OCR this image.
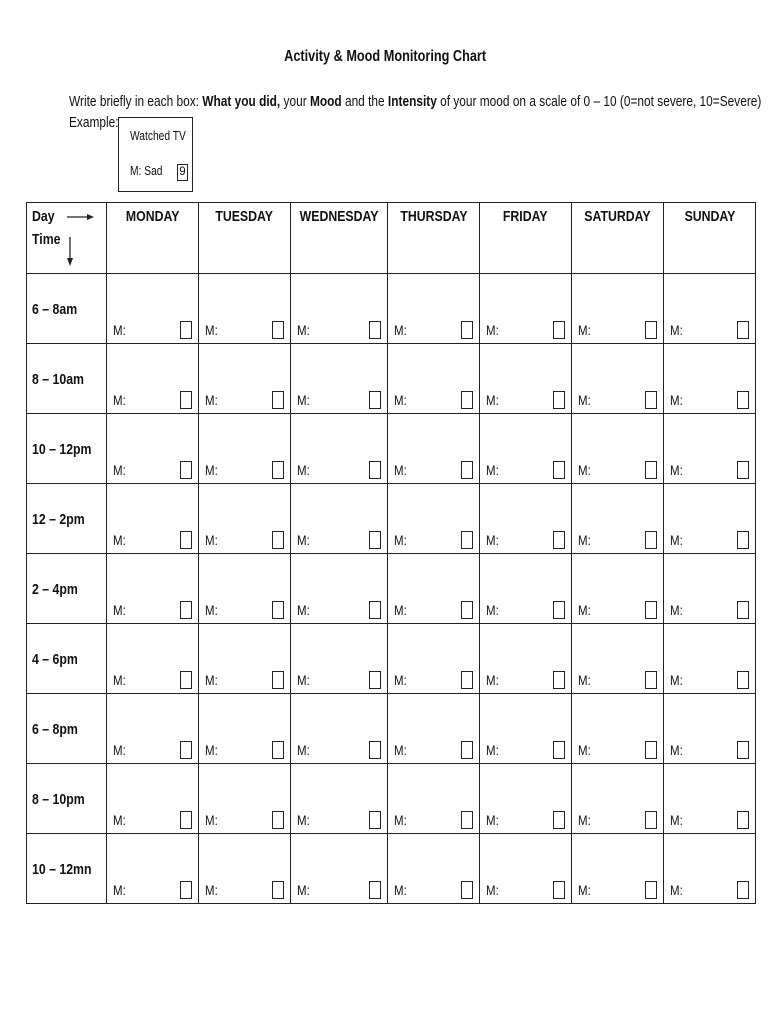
Activity & Mood Monitoring Chart
Write briefly in each box: What you did, your Mood and the Intensity of your mood on a scale of 0 – 10 (0=not severe, 10=Severe)
Example:
Watched TV
M: Sad	9
Day
Time	MONDAY	TUESDAY	WEDNESDAY	THURSDAY	FRIDAY	SATURDAY	SUNDAY

6 – 8am	M:	M:	M:	M:	M:	M:	M:

8 – 10am	M:	M:	M:	M:	M:	M:	M:

10 – 12pm	M:	M:	M:	M:	M:	M:	M:

12 – 2pm	M:	M:	M:	M:	M:	M:	M:

2 – 4pm	M:	M:	M:	M:	M:	M:	M:

4 – 6pm	M:	M:	M:	M:	M:	M:	M:

6 – 8pm	M:	M:	M:	M:	M:	M:	M:

8 – 10pm	M:	M:	M:	M:	M:	M:	M:

10 – 12mn	M:	M:	M:	M:	M:	M:	M:
